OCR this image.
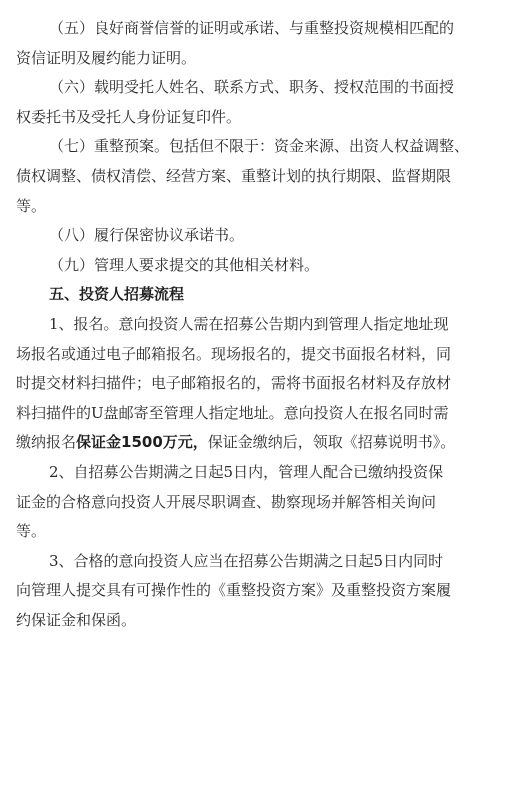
（五）良好商誉信誉的证明或承诺、与重整投资规模相匹配的
资信证明及履约能力证明。
（六）载明受托人姓名、联系方式、职务、授权范围的书面授
权委托书及受托人身份证复印件。
（七）重整预案。包括但不限于：资金来源、出资人权益调整、
债权调整、债权清偿、经营方案、重整计划的执行期限、监督期限
等。
（八）履行保密协议承诺书。
（九）管理人要求提交的其他相关材料。
五、投资人招募流程
1、报名。意向投资人需在招募公告期内到管理人指定地址现
场报名或通过电子邮箱报名。现场报名的，提交书面报名材料，同
时提交材料扫描件；电子邮箱报名的，需将书面报名材料及存放材
料扫描件的U盘邮寄至管理人指定地址。意向投资人在报名同时需
缴纳报名保证金1500万元，保证金缴纳后，领取《招募说明书》。
2、自招募公告期满之日起5日内，管理人配合已缴纳投资保
证金的合格意向投资人开展尽职调查、勘察现场并解答相关询问
等。
3、合格的意向投资人应当在招募公告期满之日起5日内同时
向管理人提交具有可操作性的《重整投资方案》及重整投资方案履
约保证金和保函。
